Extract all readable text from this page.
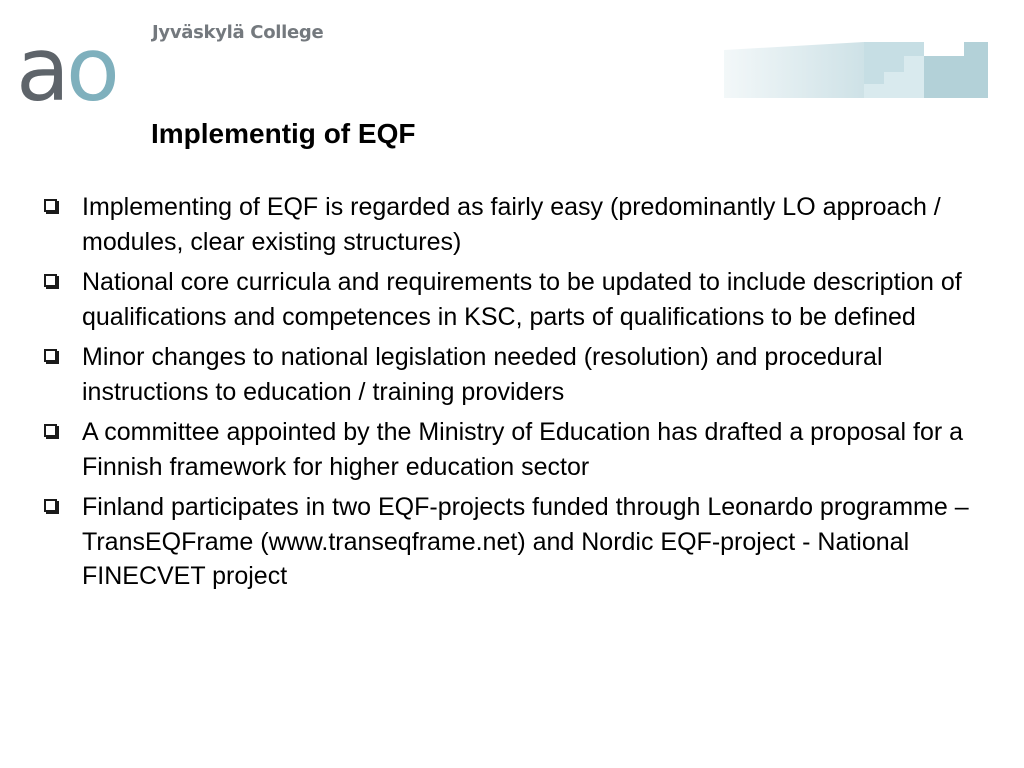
ao Jyväskylä College
Implementig of EQF
Implementing of EQF is regarded as fairly easy (predominantly LO approach / modules, clear existing structures)
National core curricula and requirements to be updated to include description of qualifications and competences in KSC, parts of qualifications to be defined
Minor changes to national legislation needed (resolution) and procedural instructions to education / training providers
A committee appointed by the Ministry of Education has drafted a proposal for a Finnish framework for higher education sector
Finland participates in two EQF-projects funded through Leonardo programme – TransEQFrame (www.transeqframe.net) and Nordic EQF-project - National FINECVET project
